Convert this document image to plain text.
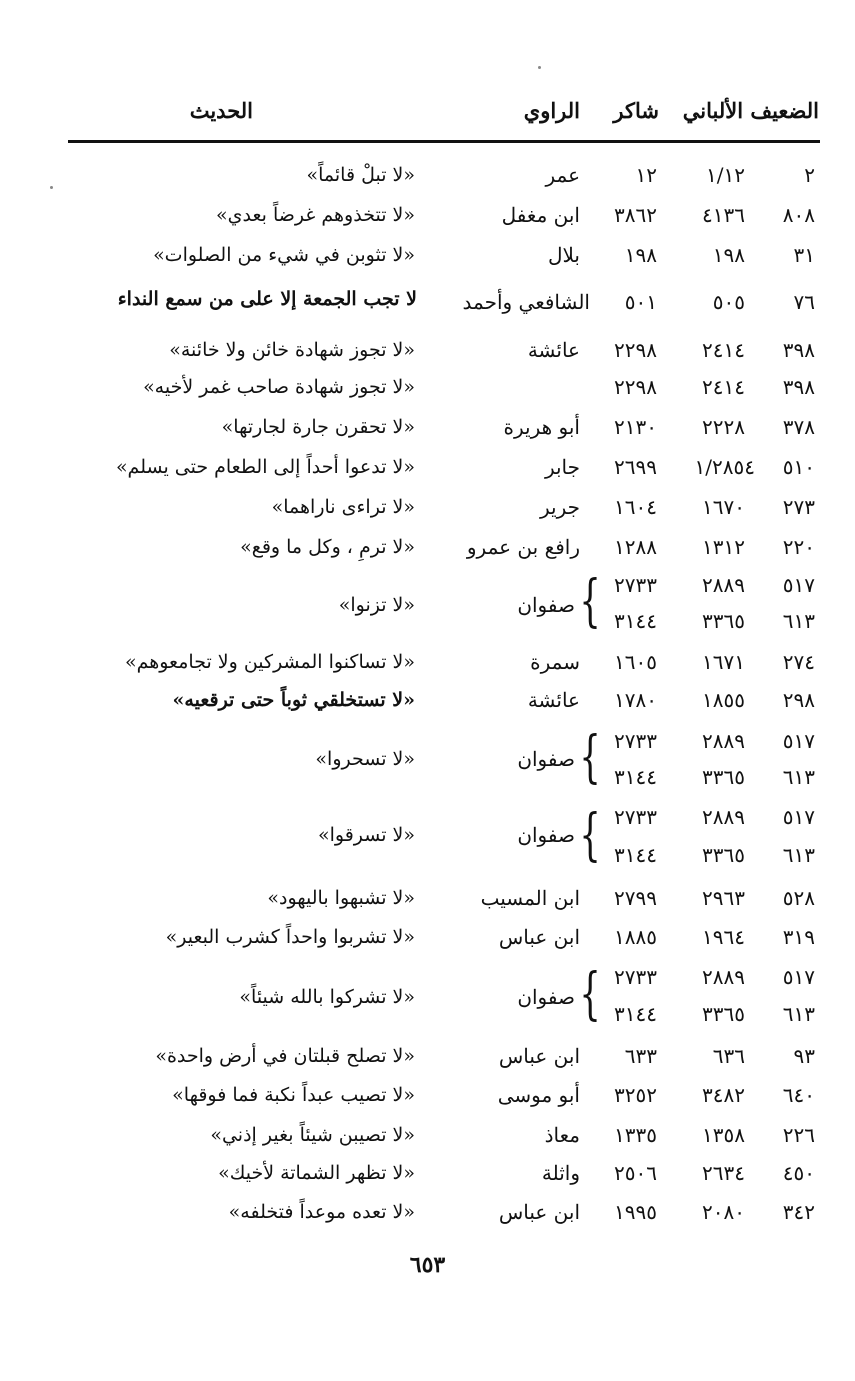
الضعيف الألباني
شاكر
الراوي
الحديث
٢
١/١٢
١٢
عمر
«لا تبلْ قائماً»
٨٠٨
٤١٣٦
٣٨٦٢
ابن مغفل
«لا تتخذوهم غرضاً بعدي»
٣١
١٩٨
١٩٨
بلال
«لا تثوبن في شيء من الصلوات»
٧٦
٥٠٥
٥٠١
الشافعي وأحمد
لا تجب الجمعة إلا على من سمع النداء
٣٩٨
٢٤١٤
٢٢٩٨
عائشة
«لا تجوز شهادة خائن ولا خائنة»
٣٩٨
٢٤١٤
٢٢٩٨
«لا تجوز شهادة صاحب غمر لأخيه»
٣٧٨
٢٢٢٨
٢١٣٠
أبو هريرة
«لا تحقرن جارة لجارتها»
٥١٠
١/٢٨٥٤
٢٦٩٩
جابر
«لا تدعوا أحداً إلى الطعام حتى يسلم»
٢٧٣
١٦٧٠
١٦٠٤
جرير
«لا تراءى ناراهما»
٢٢٠
١٣١٢
١٢٨٨
رافع بن عمرو
«لا ترمِ ، وكل ما وقع»
٥١٧
٢٨٨٩
٢٧٣٣
٦١٣
٣٣٦٥
٣١٤٤
{
صفوان
«لا تزنوا»
٢٧٤
١٦٧١
١٦٠٥
سمرة
«لا تساكنوا المشركين ولا تجامعوهم»
٢٩٨
١٨٥٥
١٧٨٠
عائشة
«لا تستخلقي ثوباً حتى ترقعيه»
٥١٧
٢٨٨٩
٢٧٣٣
٦١٣
٣٣٦٥
٣١٤٤
{
صفوان
«لا تسحروا»
٥١٧
٢٨٨٩
٢٧٣٣
٦١٣
٣٣٦٥
٣١٤٤
{
صفوان
«لا تسرقوا»
٥٢٨
٢٩٦٣
٢٧٩٩
ابن المسيب
«لا تشبهوا باليهود»
٣١٩
١٩٦٤
١٨٨٥
ابن عباس
«لا تشربوا واحداً كشرب البعير»
٥١٧
٢٨٨٩
٢٧٣٣
٦١٣
٣٣٦٥
٣١٤٤
{
صفوان
«لا تشركوا بالله شيئاً»
٩٣
٦٣٦
٦٣٣
ابن عباس
«لا تصلح قبلتان في أرض واحدة»
٦٤٠
٣٤٨٢
٣٢٥٢
أبو موسى
«لا تصيب عبداً نكبة فما فوقها»
٢٢٦
١٣٥٨
١٣٣٥
معاذ
«لا تصيبن شيئاً بغير إذني»
٤٥٠
٢٦٣٤
٢٥٠٦
واثلة
«لا تظهر الشماتة لأخيك»
٣٤٢
٢٠٨٠
١٩٩٥
ابن عباس
«لا تعده موعداً فتخلفه»
٦٥٣
